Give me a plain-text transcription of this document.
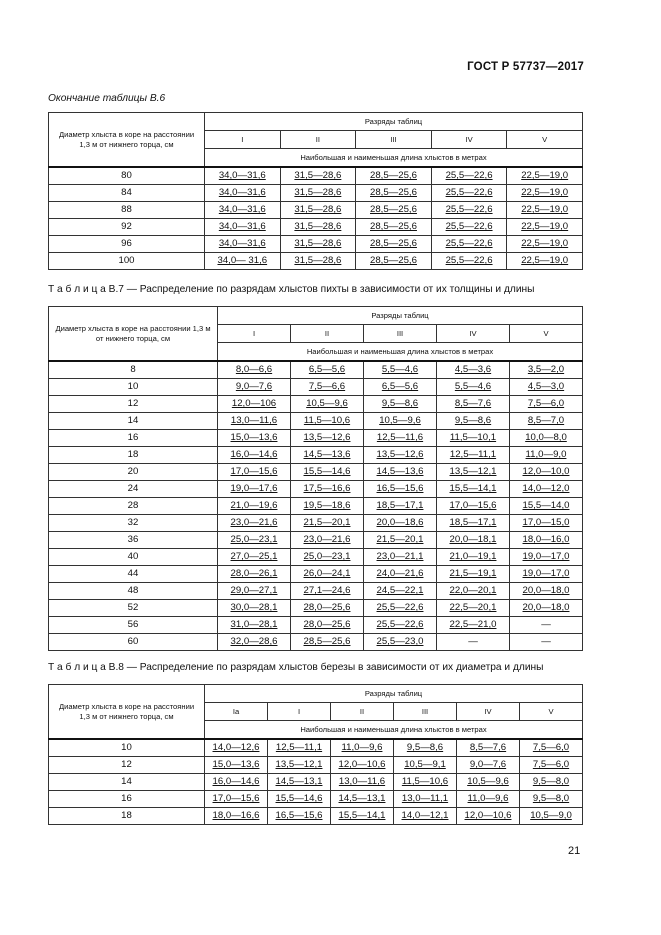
ГОСТ Р 57737—2017
Окончание таблицы В.6
Диаметр хлыста в коре на расстоянии 1,3 м от нижнего торца, см	Разряды таблиц				
	I	II	III	IV	V
	Наибольшая и наименьшая длина хлыстов в метрах				
80	34,0—31,6	31,5—28,6	28,5—25,6	25,5—22,6	22,5—19,0
84	34,0—31,6	31,5—28,6	28,5—25,6	25,5—22,6	22,5—19,0
88	34,0—31,6	31,5—28,6	28,5—25,6	25,5—22,6	22,5—19,0
92	34,0—31,6	31,5—28,6	28,5—25,6	25,5—22,6	22,5—19,0
96	34,0—31,6	31,5—28,6	28,5—25,6	25,5—22,6	22,5—19,0
100	34,0— 31,6	31,5—28,6	28,5—25,6	25,5—22,6	22,5—19,0
Т а б л и ц а В.7 — Распределение по разрядам хлыстов пихты в зависимости от их толщины и длины
Диаметр хлыста в коре на расстоянии 1,3 м от нижнего торца, см	Разряды таблиц				
	I	II	III	IV	V
	Наибольшая и наименьшая длина хлыстов в метрах				
8	8,0—6,6	6,5—5,6	5,5—4,6	4,5—3,6	3,5—2,0
10	9,0—7,6	7,5—6,6	6,5—5,6	5,5—4,6	4,5—3,0
12	12,0—106	10,5—9,6	9,5—8,6	8,5—7,6	7,5—6,0
14	13,0—11,6	11,5—10,6	10,5—9,6	9,5—8,6	8,5—7,0
16	15,0—13,6	13,5—12,6	12,5—11,6	11,5—10,1	10,0—8,0
18	16,0—14,6	14,5—13,6	13,5—12,6	12,5—11,1	11,0—9,0
20	17,0—15,6	15,5—14,6	14,5—13,6	13,5—12,1	12,0—10,0
24	19,0—17,6	17,5—16,6	16,5—15,6	15,5—14,1	14,0—12,0
28	21,0—19,6	19,5—18,6	18,5—17,1	17,0—15,6	15,5—14,0
32	23,0—21,6	21,5—20,1	20,0—18,6	18,5—17,1	17,0—15,0
36	25,0—23,1	23,0—21,6	21,5—20,1	20,0—18,1	18,0—16,0
40	27,0—25,1	25,0—23,1	23,0—21,1	21,0—19,1	19,0—17,0
44	28,0—26,1	26,0—24,1	24,0—21,6	21,5—19,1	19,0—17,0
48	29,0—27,1	27,1—24,6	24,5—22,1	22,0—20,1	20,0—18,0
52	30,0—28,1	28,0—25,6	25,5—22,6	22,5—20,1	20,0—18,0
56	31,0—28,1	28,0—25,6	25,5—22,6	22,5—21,0	—
60	32,0—28,6	28,5—25,6	25,5—23,0	—	—
Т а б л и ц а В.8 — Распределение по разрядам хлыстов березы в зависимости от их диаметра и длины
Диаметр хлыста в коре на расстоянии 1,3 м от нижнего торца, см	Разряды таблиц					
	Ia	I	II	III	IV	V
	Наибольшая и наименьшая длина хлыстов в метрах					
10	14,0—12,6	12,5—11,1	11,0—9,6	9,5—8,6	8,5—7,6	7,5—6,0
12	15,0—13,6	13,5—12,1	12,0—10,6	10,5—9,1	9,0—7,6	7,5—6,0
14	16,0—14,6	14,5—13,1	13,0—11,6	11,5—10,6	10,5—9,6	9,5—8,0
16	17,0—15,6	15,5—14,6	14,5—13,1	13,0—11,1	11,0—9,6	9,5—8,0
18	18,0—16,6	16,5—15,6	15,5—14,1	14,0—12,1	12,0—10,6	10,5—9,0
21
